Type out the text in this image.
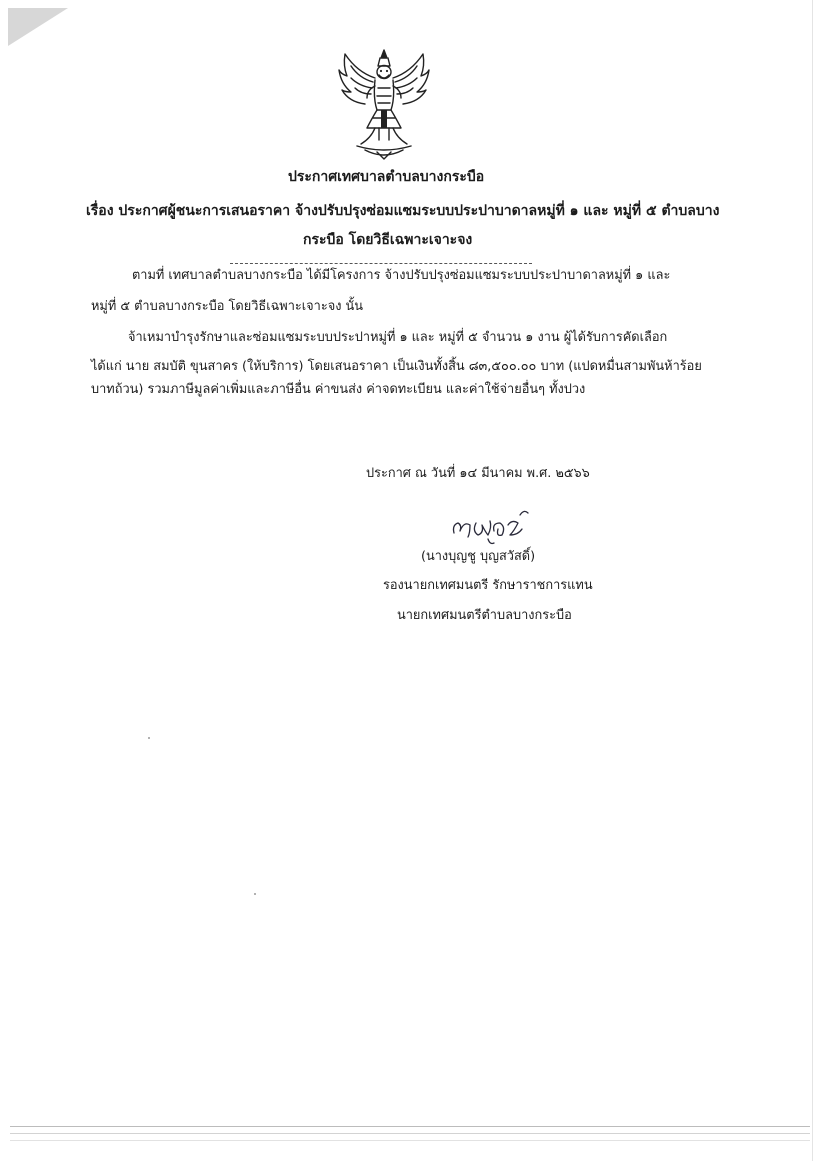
ประกาศเทศบาลตำบลบางกระบือ
เรื่อง ประกาศผู้ชนะการเสนอราคา จ้างปรับปรุงซ่อมแซมระบบประปาบาดาลหมู่ที่ ๑ และ หมู่ที่ ๕ ตำบลบาง
กระบือ โดยวิธีเฉพาะเจาะจง
ตามที่ เทศบาลตำบลบางกระบือ ได้มีโครงการ จ้างปรับปรุงซ่อมแซมระบบประปาบาดาลหมู่ที่ ๑ และ
หมู่ที่ ๕ ตำบลบางกระบือ โดยวิธีเฉพาะเจาะจง นั้น
จ้าเหมาบำรุงรักษาและซ่อมแซมระบบประปาหมู่ที่ ๑ และ หมู่ที่ ๕ จำนวน ๑ งาน ผู้ได้รับการคัดเลือก
ได้แก่ นาย สมบัติ ขุนสาคร (ให้บริการ) โดยเสนอราคา เป็นเงินทั้งสิ้น ๘๓,๕๐๐.๐๐ บาท (แปดหมื่นสามพันห้าร้อย
บาทถ้วน) รวมภาษีมูลค่าเพิ่มและภาษีอื่น ค่าขนส่ง ค่าจดทะเบียน และค่าใช้จ่ายอื่นๆ ทั้งปวง
ประกาศ ณ วันที่ ๑๔ มีนาคม พ.ศ. ๒๕๖๖
(นางบุญชู บุญสวัสดิ์)
รองนายกเทศมนตรี รักษาราชการแทน
นายกเทศมนตรีตำบลบางกระบือ
